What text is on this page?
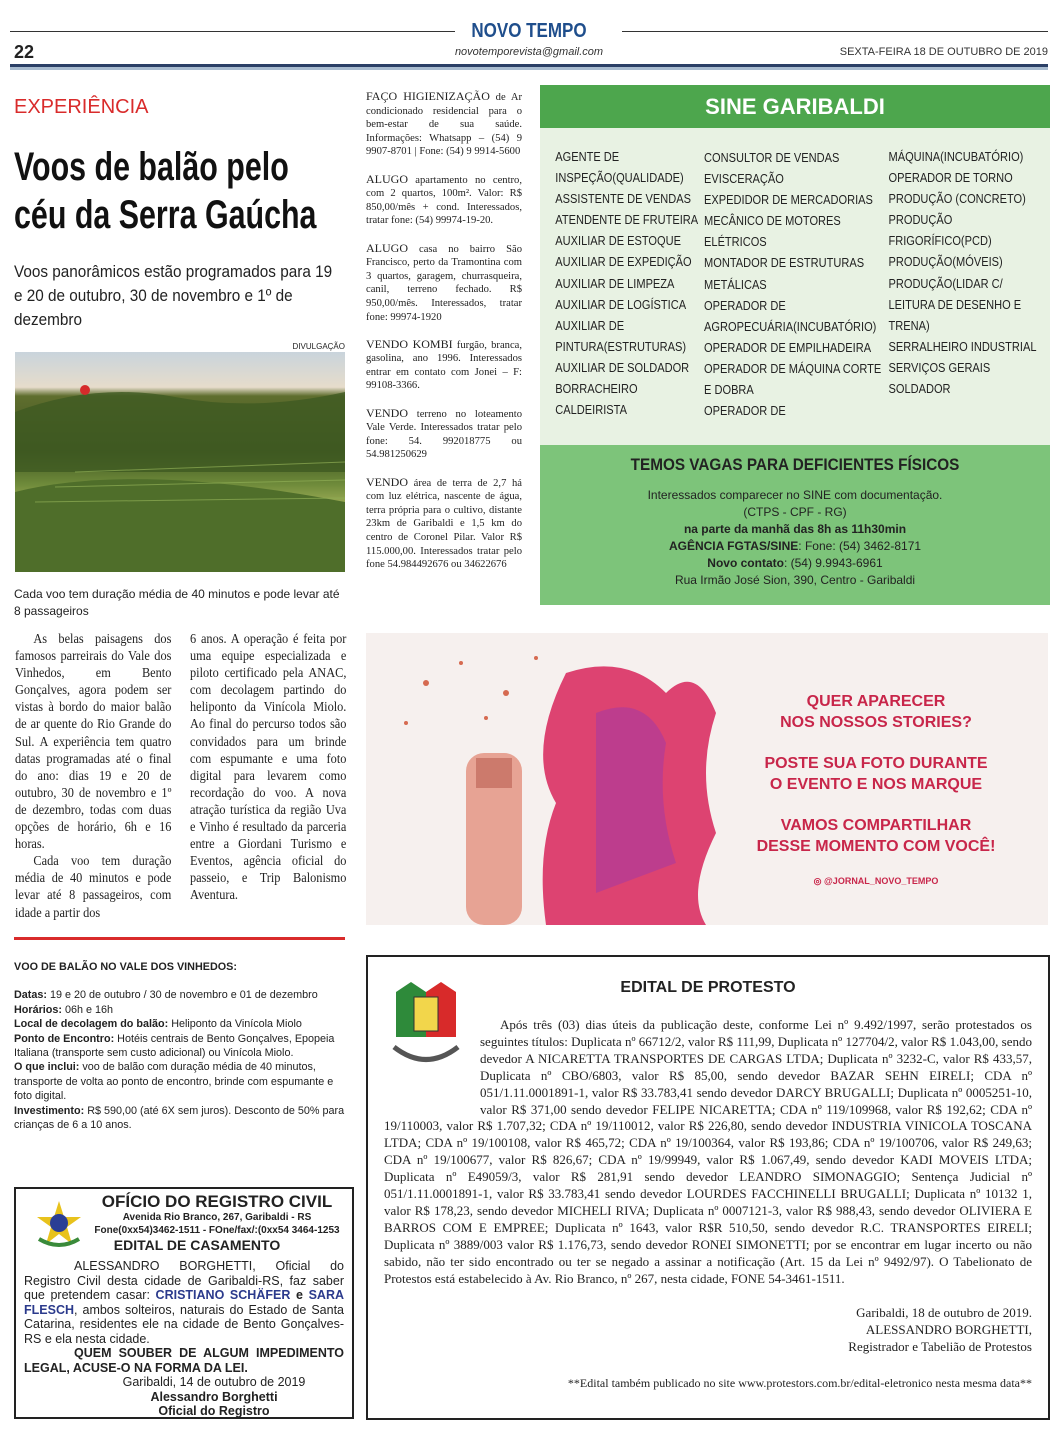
NOVO TEMPO
22	novotemporevista@gmail.com	SEXTA-FEIRA 18 DE OUTUBRO DE 2019
EXPERIÊNCIA
Voos de balão pelo céu da Serra Gaúcha
Voos panorâmicos estão programados para 19 e 20 de outubro, 30 de novembro e 1º de dezembro
DIVULGAÇÃO
Cada voo tem duração média de 40 minutos e pode levar até 8 passageiros

As belas paisagens dos famosos parreirais do Vale dos Vinhedos, em Bento Gonçalves, agora podem ser vistas à bordo do maior balão de ar quente do Rio Grande do Sul. A experiência tem quatro datas programadas até o final do ano: dias 19 e 20 de outubro, 30 de novembro e 1º de dezembro, todas com duas opções de horário, 6h e 16 horas.

Cada voo tem duração média de 40 minutos e pode levar até 8 passageiros, com idade a partir dos

6 anos. A operação é feita por uma equipe especializada e piloto certificado pela ANAC, com decolagem partindo do heliponto da Vinícola Miolo. Ao final do percurso todos são convidados para um brinde com espumante e uma foto digital para levarem como recordação do voo. A nova atração turística da região Uva e Vinho é resultado da parceria entre a Giordani Turismo e Eventos, agência oficial do passeio, e Trip Balonismo Aventura.

VOO DE BALÃO NO VALE DOS VINHEDOS:
Datas: 19 e 20 de outubro / 30 de novembro e 01 de dezembro
Horários: 06h e 16h
Local de decolagem do balão: Heliponto da Vinícola Miolo
Ponto de Encontro: Hotéis centrais de Bento Gonçalves, Epopeia Italiana (transporte sem custo adicional) ou Vinícola Miolo.
O que inclui: voo de balão com duração média de 40 minutos, transporte de volta ao ponto de encontro, brinde com espumante e foto digital.
Investimento: R$ 590,00 (até 6X sem juros). Desconto de 50% para crianças de 6 a 10 anos.
OFÍCIO DO REGISTRO CIVIL
Avenida Rio Branco, 267, Garibaldi - RS
Fone(0xx54)3462-1511 - FOne/fax/:(0xx54 3464-1253
EDITAL DE CASAMENTO

ALESSANDRO BORGHETTI, Oficial do Registro Civil desta cidade de Garibaldi-RS, faz saber que pretendem casar: CRISTIANO SCHÄFER e SARA FLESCH, ambos solteiros, naturais do Estado de Santa Catarina, residentes ele na cidade de Bento Gonçalves-RS e ela nesta cidade.

QUEM SOUBER DE ALGUM IMPEDIMENTO LEGAL, ACUSE-O NA FORMA DA LEI.

Garibaldi, 14 de outubro de 2019

Alessandro Borghetti

Oficial do Registro

FAÇO HIGIENIZAÇÃO de Ar condicionado residencial para o bem-estar de sua saúde. Informações: Whatsapp – (54) 9 9907-8701 | Fone: (54) 9 9914-5600

ALUGO apartamento no centro, com 2 quartos, 100m². Valor: R$ 850,00/mês + cond. Interessados, tratar fone: (54) 99974-19-20.

ALUGO casa no bairro São Francisco, perto da Tramontina com 3 quartos, garagem, churrasqueira, canil, terreno fechado. R$ 950,00/mês. Interessados, tratar fone: 99974-1920

VENDO KOMBI furgão, branca, gasolina, ano 1996. Interessados entrar em contato com Jonei – F: 99108-3366.

VENDO terreno no loteamento Vale Verde. Interessados tratar pelo fone: 54. 992018775 ou 54.981250629

VENDO área de terra de 2,7 há com luz elétrica, nascente de água, terra própria para o cultivo, distante 23km de Garibaldi e 1,5 km do centro de Coronel Pilar. Valor R$ 115.000,00. Interessados tratar pelo fone 54.984492676 ou 34622676

SINE GARIBALDI
AGENTE DE
INSPEÇÃO(QUALIDADE)
ASSISTENTE DE VENDAS
ATENDENTE DE FRUTEIRA
AUXILIAR DE ESTOQUE
AUXILIAR DE EXPEDIÇÃO
AUXILIAR DE LIMPEZA
AUXILIAR DE LOGÍSTICA
AUXILIAR DE
PINTURA(ESTRUTURAS)
AUXILIAR DE SOLDADOR
BORRACHEIRO
CALDEIRISTA
CONSULTOR DE VENDAS
EVISCERAÇÃO
EXPEDIDOR DE MERCADORIAS
MECÂNICO DE MOTORES
ELÉTRICOS
MONTADOR DE ESTRUTURAS
METÁLICAS
OPERADOR DE
AGROPECUÁRIA(INCUBATÓRIO)
OPERADOR DE EMPILHADEIRA
OPERADOR DE MÁQUINA CORTE
E DOBRA
OPERADOR DE
MÁQUINA(INCUBATÓRIO)
OPERADOR DE TORNO
PRODUÇÃO (CONCRETO)
PRODUÇÃO
FRIGORÍFICO(PCD)
PRODUÇÃO(MÓVEIS)
PRODUÇÃO(LIDAR C/
LEITURA DE DESENHO E
TRENA)
SERRALHEIRO INDUSTRIAL
SERVIÇOS GERAIS
SOLDADOR
TEMOS VAGAS PARA DEFICIENTES FÍSICOS
Interessados comparecer no SINE com documentação.
(CTPS - CPF - RG)
na parte da manhã das 8h as 11h30min
AGÊNCIA FGTAS/SINE: Fone: (54) 3462-8171
Novo contato: (54) 9.9943-6961
Rua Irmão José Sion, 390, Centro - Garibaldi
QUER APARECER
NOS NOSSOS STORIES?
POSTE SUA FOTO DURANTE
O EVENTO E NOS MARQUE
VAMOS COMPARTILHAR
DESSE MOMENTO COM VOCÊ!
◎ @JORNAL_NOVO_TEMPO
EDITAL DE PROTESTO

Após três (03) dias úteis da publicação deste, conforme Lei nº 9.492/1997, serão protestados os seguintes títulos: Duplicata nº 66712/2, valor R$ 111,99, Duplicata nº 127704/2, valor R$ 1.043,00, sendo devedor A NICARETTA TRANSPORTES DE CARGAS LTDA; Duplicata nº 3232-C, valor R$ 433,57, Duplicata nº CBO/6803, valor R$ 85,00, sendo devedor BAZAR SEHN EIRELI; CDA nº 051/1.11.0001891-1, valor R$ 33.783,41 sendo devedor DARCY BRUGALLI; Duplicata nº 0005251-10, valor R$ 371,00 sendo devedor FELIPE NICARETTA; CDA nº 119/109968, valor R$ 192,62; CDA nº 19/110003, valor R$ 1.707,32; CDA nº 19/110012, valor R$ 226,80, sendo devedor INDUSTRIA VINICOLA TOSCANA LTDA; CDA nº 19/100108, valor R$ 465,72; CDA nº 19/100364, valor R$ 193,86; CDA nº 19/100706, valor R$ 249,63; CDA nº 19/100677, valor R$ 826,67; CDA nº 19/99949, valor R$ 1.067,49, sendo devedor KADI MOVEIS LTDA; Duplicata nº E49059/3, valor R$ 281,91 sendo devedor LEANDRO SIMONAGGIO; Sentença Judicial nº 051/1.11.0001891-1, valor R$ 33.783,41 sendo devedor LOURDES FACCHINELLI BRUGALLI; Duplicata nº 10132 1, valor R$ 178,23, sendo devedor MICHELI RIVA; Duplicata nº 0007121-3, valor R$ 988,43, sendo devedor OLIVIERA E BARROS COM E EMPREE; Duplicata nº 1643, valor R$R 510,50, sendo devedor R.C. TRANSPORTES EIRELI; Duplicata nº 3889/003 valor R$ 1.176,73, sendo devedor RONEI SIMONETTI; por se encontrar em lugar incerto ou não sabido, não ter sido encontrado ou ter se negado a assinar a notificação (Art. 15 da Lei nº 9492/97). O Tabelionato de Protestos está estabelecido à Av. Rio Branco, nº 267, nesta cidade, FONE 54-3461-1511.

Garibaldi, 18 de outubro de 2019.
ALESSANDRO BORGHETTI,
Registrador e Tabelião de Protestos
**Edital também publicado no site www.protestors.com.br/edital-eletronico nesta mesma data**
